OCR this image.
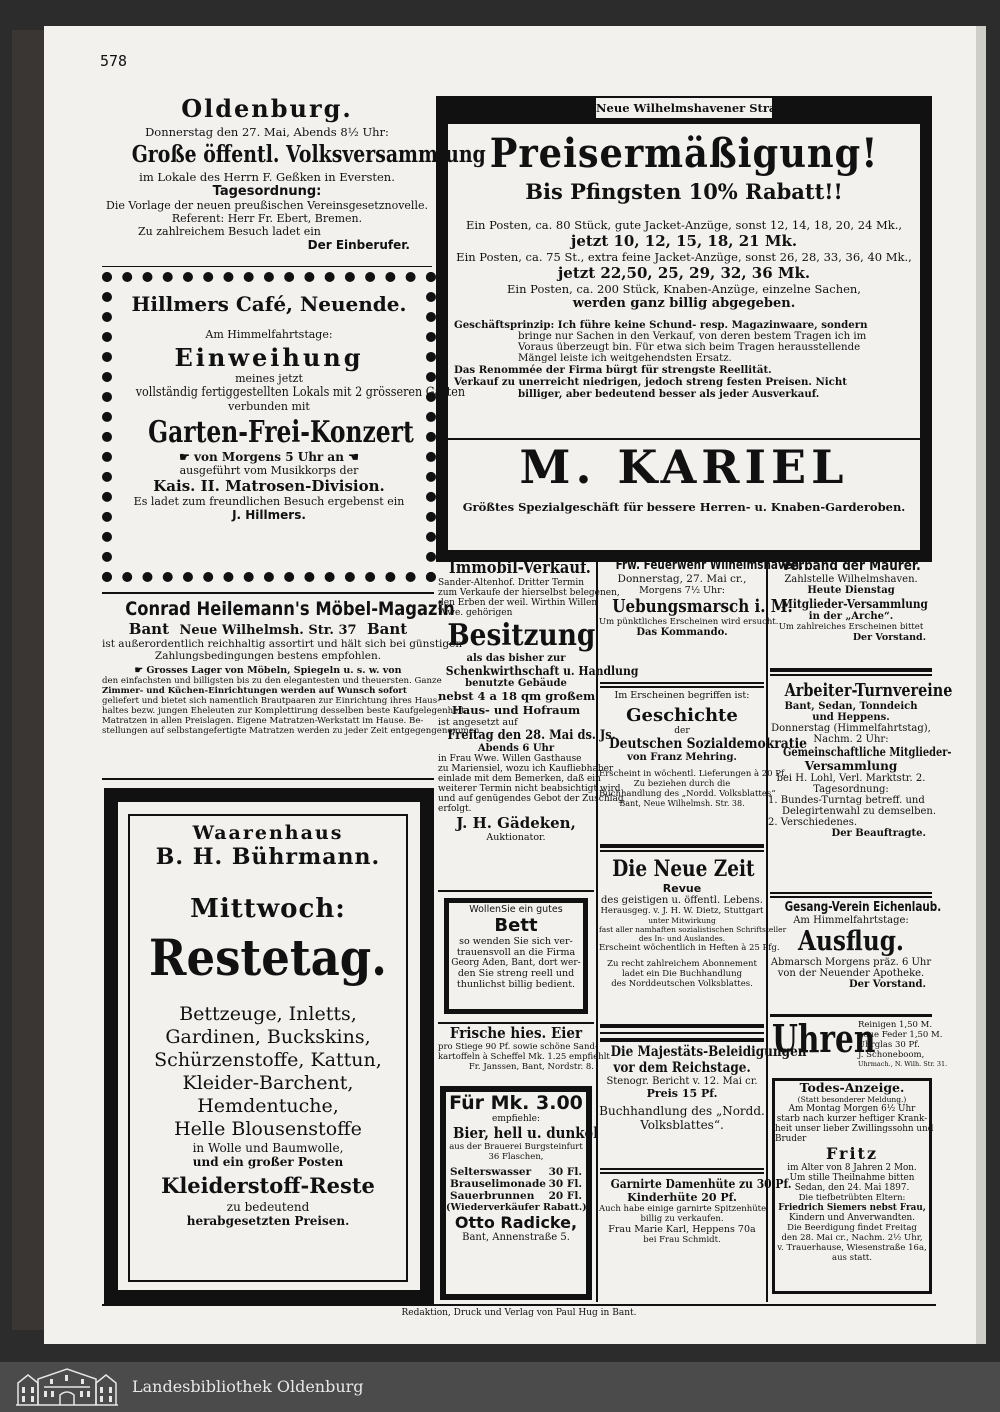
578
Oldenburg.
Donnerstag den 27. Mai, Abends 8½ Uhr:
Große öffentl. Volksversammlung
im Lokale des Herrn F. Geßken in Eversten.
Tagesordnung:
Die Vorlage der neuen preußischen Vereinsgesetznovelle.
Referent: Herr Fr. Ebert, Bremen.
Zu zahlreichem Besuch ladet ein
Der Einberufer.
Hillmers Café, Neuende.
Am Himmelfahrtstage:
Einweihung
meines jetzt
vollständig fertiggestellten Lokals mit 2 grösseren Gärten
verbunden mit
Garten-Frei-Konzert
☛ von Morgens 5 Uhr an ☚
ausgeführt vom Musikkorps der
Kais. II. Matrosen-Division.
Es ladet zum freundlichen Besuch ergebenst ein
J. Hillmers.
Conrad Heilemann's Möbel-Magazin
Bant Neue Wilhelmsh. Str. 37 Bant
ist außerordentlich reichhaltig assortirt und hält sich bei günstigen
Zahlungsbedingungen bestens empfohlen.
☛ Grosses Lager von Möbeln, Spiegeln u. s. w. von
den einfachsten und billigsten bis zu den elegantesten und theuersten. Ganze
Zimmer- und Küchen-Einrichtungen werden auf Wunsch sofort
geliefert und bietet sich namentlich Brautpaaren zur Einrichtung ihres Haus-
haltes bezw. jungen Eheleuten zur Komplettirung desselben beste Kaufgelegenheit.
Matratzen in allen Preislagen. Eigene Matratzen-Werkstatt im Hause. Be-
stellungen auf selbstangefertigte Matratzen werden zu jeder Zeit entgegengenommen.
Waarenhaus
B. H. Bührmann.
Mittwoch:
Restetag.
Bettzeuge, Inletts,
Gardinen, Buckskins,
Schürzenstoffe, Kattun,
Kleider-Barchent,
Hemdentuche,
Helle Blousenstoffe
in Wolle und Baumwolle,
und ein großer Posten
Kleiderstoff-Reste
zu bedeutend
herabgesetzten Preisen.
Neue Wilhelmshavener Straße 1
Preisermäßigung!
Bis Pfingsten 10% Rabatt!!
Ein Posten, ca. 80 Stück, gute Jacket-Anzüge, sonst 12, 14, 18, 20, 24 Mk.,
jetzt 10, 12, 15, 18, 21 Mk.
Ein Posten, ca. 75 St., extra feine Jacket-Anzüge, sonst 26, 28, 33, 36, 40 Mk.,
jetzt 22,50, 25, 29, 32, 36 Mk.
Ein Posten, ca. 200 Stück, Knaben-Anzüge, einzelne Sachen,
werden ganz billig abgegeben.
Geschäftsprinzip: Ich führe keine Schund- resp. Magazinwaare, sondern
bringe nur Sachen in den Verkauf, von deren bestem Tragen ich im
Voraus überzeugt bin. Für etwa sich beim Tragen herausstellende
Mängel leiste ich weitgehendsten Ersatz.
Das Renommée der Firma bürgt für strengste Reellität.
Verkauf zu unerreicht niedrigen, jedoch streng festen Preisen. Nicht
billiger, aber bedeutend besser als jeder Ausverkauf.
M. KARIEL
Größtes Spezialgeschäft für bessere Herren- u. Knaben-Garderoben.
Immobil-Verkauf.
Sander-Altenhof. Dritter Termin
zum Verkaufe der hierselbst belegenen,
den Erben der weil. Wirthin Willen
Wwe. gehörigen
Besitzung
als das bisher zur
Schenkwirthschaft u. Handlung
benutzte Gebäude
nebst 4 a 18 qm großem
Haus- und Hofraum
ist angesetzt auf
Freitag den 28. Mai ds. Js.
Abends 6 Uhr
in Frau Wwe. Willen Gasthause
zu Mariensiel, wozu ich Kaufliebhaber
einlade mit dem Bemerken, daß ein
weiterer Termin nicht beabsichtigt wird
und auf genügendes Gebot der Zuschlag
erfolgt.
J. H. Gädeken,
Auktionator.
WollenSie ein gutes
Bett
so wenden Sie sich ver-
trauensvoll an die Firma
Georg Aden, Bant, dort wer-
den Sie streng reell und
thunlichst billig bedient.
Frische hies. Eier
pro Stiege 90 Pf. sowie schöne Sand-
kartoffeln à Scheffel Mk. 1.25 empfiehlt
Fr. Janssen, Bant, Nordstr. 8.
Für Mk. 3.00
empfiehle:
Bier, hell u. dunkel
aus der Brauerei Burgsteinfurt
36 Flaschen,
Selterswasser 30 Fl.
Brauselimonade 30 Fl.
Sauerbrunnen 20 Fl.
(Wiederverkäufer Rabatt.)
Otto Radicke,
Bant, Annenstraße 5.
Frw. Feuerwehr Wilhelmshaven.
Donnerstag, 27. Mai cr.,
Morgens 7½ Uhr:
Uebungsmarsch i. M.
Um pünktliches Erscheinen wird ersucht.
Das Kommando.
Im Erscheinen begriffen ist:
Geschichte
der
Deutschen Sozialdemokratie
von Franz Mehring.
Erscheint in wöchentl. Lieferungen à 20 Pf.
Zu beziehen durch die
Buchhandlung des „Nordd. Volksblattes“
Bant, Neue Wilhelmsh. Str. 38.
Die Neue Zeit
Revue
des geistigen u. öffentl. Lebens.
Herausgeg. v. J. H. W. Dietz, Stuttgart
unter Mitwirkung
fast aller namhaften sozialistischen Schriftsteller
des In- und Auslandes.
Erscheint wöchentlich in Heften à 25 Pfg.
Zu recht zahlreichem Abonnement
ladet ein Die Buchhandlung
des Norddeutschen Volksblattes.
Die Majestäts-Beleidigungen
vor dem Reichstage.
Stenogr. Bericht v. 12. Mai cr.
Preis 15 Pf.
Buchhandlung des „Nordd.
Volksblattes“.
Garnirte Damenhüte zu 30 Pf.
Kinderhüte 20 Pf.
Auch habe einige garnirte Spitzenhüte
billig zu verkaufen.
Frau Marie Karl, Heppens 70a
bei Frau Schmidt.
Verband der Maurer.
Zahlstelle Wilhelmshaven.
Heute Dienstag
Mitglieder-Versammlung
in der „Arche“.
Um zahlreiches Erscheinen bittet
Der Vorstand.
Arbeiter-Turnvereine
Bant, Sedan, Tonndeich
und Heppens.
Donnerstag (Himmelfahrtstag),
Nachm. 2 Uhr:
Gemeinschaftliche Mitglieder-
Versammlung
bei H. Lohl, Verl. Marktstr. 2.
Tagesordnung:
1. Bundes-Turntag betreff. und
Delegirtenwahl zu demselben.
2. Verschiedenes.
Der Beauftragte.
Gesang-Verein Eichenlaub.
Am Himmelfahrtstage:
Ausflug.
Abmarsch Morgens präz. 6 Uhr
von der Neuender Apotheke.
Der Vorstand.
Uhren
Reinigen 1,50 M.
neue Feder 1,50 M.
Uhrglas 30 Pf.
J. Schoneboom,
Uhrmach., N. Wilh. Str. 31.
Todes-Anzeige.
(Statt besonderer Meldung.)
Am Montag Morgen 6½ Uhr
starb nach kurzer heftiger Krank-
heit unser lieber Zwillingssohn und
Bruder
Fritz
im Alter von 8 Jahren 2 Mon.
Um stille Theilnahme bitten
Sedan, den 24. Mai 1897.
Die tiefbetrübten Eltern:
Friedrich Siemers nebst Frau,
Kindern und Anverwandten.
Die Beerdigung findet Freitag
den 28. Mai cr., Nachm. 2½ Uhr,
v. Trauerhause, Wiesenstraße 16a,
aus statt.
Redaktion, Druck und Verlag von Paul Hug in Bant.
Landesbibliothek Oldenburg
